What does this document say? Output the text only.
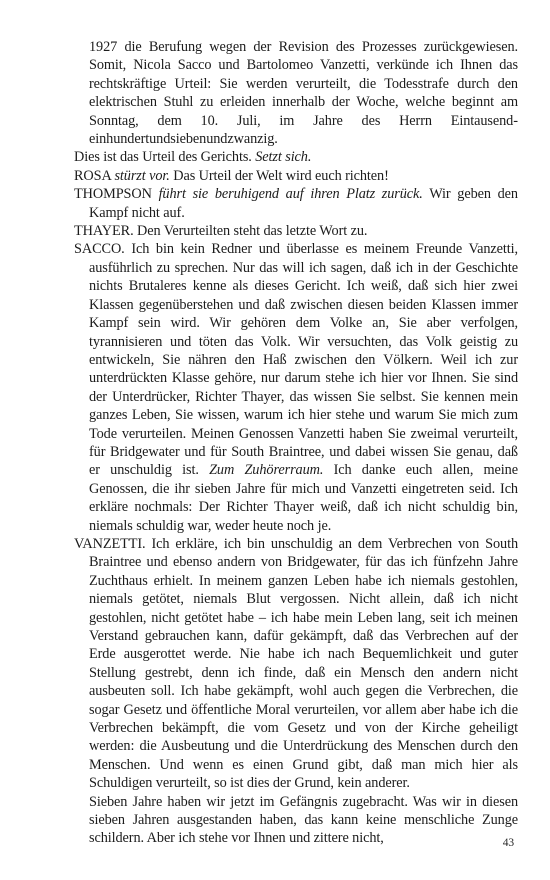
1927 die Berufung wegen der Revision des Prozesses zurückgewiesen. Somit, Nicola Sacco und Bartolomeo Vanzetti, verkünde ich Ihnen das rechtskräftige Urteil: Sie werden verurteilt, die Todesstrafe durch den elektrischen Stuhl zu erleiden innerhalb der Woche, welche beginnt am Sonntag, dem 10. Juli, im Jahre des Herrn Eintausendeinhundertundsiebenundzwanzig.

Dies ist das Urteil des Gerichts. Setzt sich.

ROSA stürzt vor. Das Urteil der Welt wird euch richten!

THOMPSON führt sie beruhigend auf ihren Platz zurück. Wir geben den Kampf nicht auf.

THAYER. Den Verurteilten steht das letzte Wort zu.

SACCO. Ich bin kein Redner und überlasse es meinem Freunde Vanzetti, ausführlich zu sprechen. Nur das will ich sagen, daß ich in der Geschichte nichts Brutaleres kenne als dieses Gericht. Ich weiß, daß sich hier zwei Klassen gegenüberstehen und daß zwischen diesen beiden Klassen immer Kampf sein wird. Wir gehören dem Volke an, Sie aber verfolgen, tyrannisieren und töten das Volk. Wir versuchten, das Volk geistig zu entwickeln, Sie nähren den Haß zwischen den Völkern. Weil ich zur unterdrückten Klasse gehöre, nur darum stehe ich hier vor Ihnen. Sie sind der Unterdrücker, Richter Thayer, das wissen Sie selbst. Sie kennen mein ganzes Leben, Sie wissen, warum ich hier stehe und warum Sie mich zum Tode verurteilen. Meinen Genossen Vanzetti haben Sie zweimal verurteilt, für Bridgewater und für South Braintree, und dabei wissen Sie genau, daß er unschuldig ist. Zum Zuhörerraum. Ich danke euch allen, meine Genossen, die ihr sieben Jahre für mich und Vanzetti eingetreten seid. Ich erkläre nochmals: Der Richter Thayer weiß, daß ich nicht schuldig bin, niemals schuldig war, weder heute noch je.

VANZETTI. Ich erkläre, ich bin unschuldig an dem Verbrechen von South Braintree und ebenso andern von Bridgewater, für das ich fünfzehn Jahre Zuchthaus erhielt. In meinem ganzen Leben habe ich niemals gestohlen, niemals getötet, niemals Blut vergossen. Nicht allein, daß ich nicht gestohlen, nicht getötet habe – ich habe mein Leben lang, seit ich meinen Verstand gebrauchen kann, dafür gekämpft, daß das Verbrechen auf der Erde ausgerottet werde. Nie habe ich nach Bequemlichkeit und guter Stellung gestrebt, denn ich finde, daß ein Mensch den andern nicht ausbeuten soll. Ich habe gekämpft, wohl auch gegen die Verbrechen, die sogar Gesetz und öffentliche Moral verurteilen, vor allem aber habe ich die Verbrechen bekämpft, die vom Gesetz und von der Kirche geheiligt werden: die Ausbeutung und die Unterdrückung des Menschen durch den Menschen. Und wenn es einen Grund gibt, daß man mich hier als Schuldigen verurteilt, so ist dies der Grund, kein anderer.

Sieben Jahre haben wir jetzt im Gefängnis zugebracht. Was wir in diesen sieben Jahren ausgestanden haben, das kann keine menschliche Zunge schildern. Aber ich stehe vor Ihnen und zittere nicht,	43
